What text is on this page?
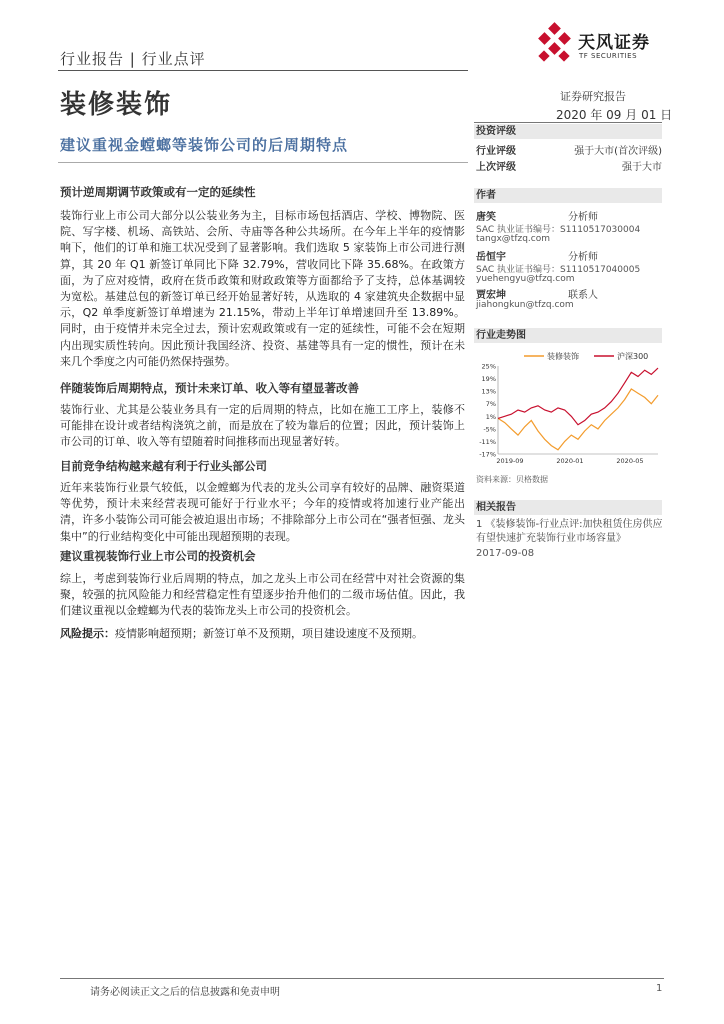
行业报告 | 行业点评
天风证券
TF SECURITIES
装修装饰	证券研究报告
2020 年 09 月 01 日
建议重视金螳螂等装饰公司的后周期特点
预计逆周期调节政策或有一定的延续性

装饰行业上市公司大部分以公装业务为主，目标市场包括酒店、学校、博物院、医院、写字楼、机场、高铁站、会所、寺庙等各种公共场所。在今年上半年的疫情影响下，他们的订单和施工状况受到了显著影响。我们选取 5 家装饰上市公司进行测算，其 20 年 Q1 新签订单同比下降 32.79%，营收同比下降 35.68%。在政策方面，为了应对疫情，政府在货币政策和财政政策等方面都给予了支持，总体基调较为宽松。基建总包的新签订单已经开始显著好转，从选取的 4 家建筑央企数据中显示，Q2 单季度新签订单增速为 21.15%，带动上半年订单增速回升至 13.89%。同时，由于疫情并未完全过去，预计宏观政策或有一定的延续性，可能不会在短期内出现实质性转向。因此预计我国经济、投资、基建等具有一定的惯性，预计在未来几个季度之内可能仍然保持强势。

伴随装饰后周期特点，预计未来订单、收入等有望显著改善

装饰行业、尤其是公装业务具有一定的后周期的特点，比如在施工工序上，装修不可能排在设计或者结构浇筑之前，而是放在了较为靠后的位置；因此，预计装饰上市公司的订单、收入等有望随着时间推移而出现显著好转。

目前竞争结构越来越有利于行业头部公司

近年来装饰行业景气较低，以金螳螂为代表的龙头公司享有较好的品牌、融资渠道等优势，预计未来经营表现可能好于行业水平；今年的疫情或将加速行业产能出清，许多小装饰公司可能会被迫退出市场；不排除部分上市公司在“强者恒强、龙头集中”的行业结构变化中可能出现超预期的表现。

建议重视装饰行业上市公司的投资机会

综上，考虑到装饰行业后周期的特点，加之龙头上市公司在经营中对社会资源的集聚，较强的抗风险能力和经营稳定性有望逐步抬升他们的二级市场估值。因此，我们建议重视以金螳螂为代表的装饰龙头上市公司的投资机会。

风险提示：疫情影响超预期；新签订单不及预期，项目建设速度不及预期。

投资评级
行业评级	强于大市(首次评级)
上次评级	强于大市
作者
唐笑	分析师
SAC 执业证书编号：S1110517030004
tangx@tfzq.com
岳恒宇	分析师
SAC 执业证书编号：S1110517040005
yuehengyu@tfzq.com
贾宏坤	联系人
jiahongkun@tfzq.com
行业走势图
25%
19%
13%
7%
1%
-5%
-11%
-17%
2019-09	2020-01	2020-05
装修装饰	沪深300
资料来源：贝格数据
相关报告
1 《装修装饰-行业点评:加快租赁住房供应有望快速扩充装饰行业市场容量》
2017-09-08
请务必阅读正文之后的信息披露和免责申明	1
